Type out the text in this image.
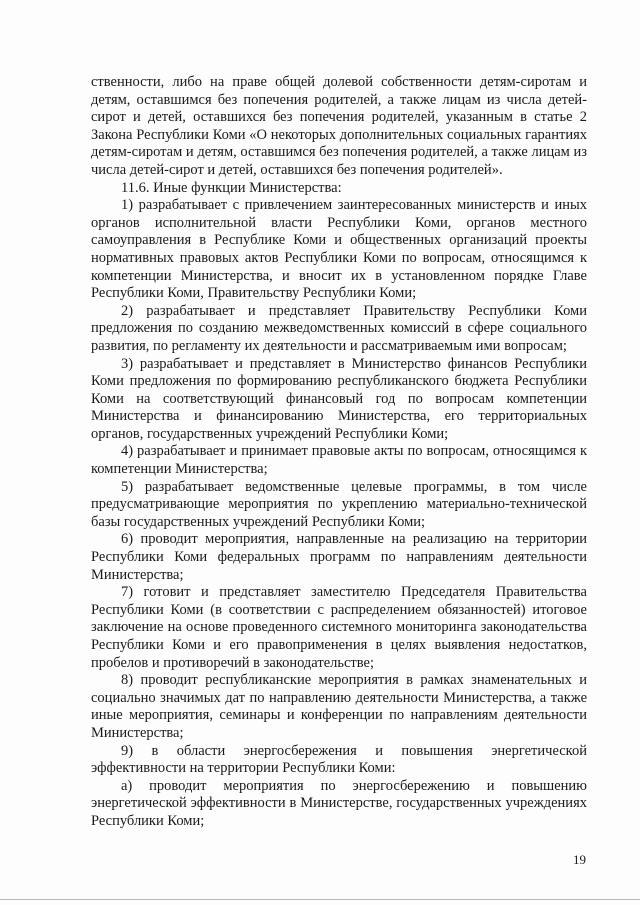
ственности, либо на праве общей долевой собственности детям-сиротам и детям, оставшимся без попечения родителей, а также лицам из числа детей-сирот и детей, оставшихся без попечения родителей, указанным в статье 2 Закона Республики Коми «О некоторых дополнительных социальных гарантиях детям-сиротам и детям, оставшимся без попечения родителей, а также лицам из числа детей-сирот и детей, оставшихся без попечения родителей».

11.6. Иные функции Министерства:

1) разрабатывает с привлечением заинтересованных министерств и иных органов исполнительной власти Республики Коми, органов местного самоуправления в Республике Коми и общественных организаций проекты нормативных правовых актов Республики Коми по вопросам, относящимся к компетенции Министерства, и вносит их в установленном порядке Главе Республики Коми, Правительству Республики Коми;

2) разрабатывает и представляет Правительству Республики Коми предложения по созданию межведомственных комиссий в сфере социального развития, по регламенту их деятельности и рассматриваемым ими вопросам;

3) разрабатывает и представляет в Министерство финансов Республики Коми предложения по формированию республиканского бюджета Республики Коми на соответствующий финансовый год по вопросам компетенции Министерства и финансированию Министерства, его территориальных органов, государственных учреждений Республики Коми;

4) разрабатывает и принимает правовые акты по вопросам, относящимся к компетенции Министерства;

5) разрабатывает ведомственные целевые программы, в том числе предусматривающие мероприятия по укреплению материально-технической базы государственных учреждений Республики Коми;

6) проводит мероприятия, направленные на реализацию на территории Республики Коми федеральных программ по направлениям деятельности Министерства;

7) готовит и представляет заместителю Председателя Правительства Республики Коми (в соответствии с распределением обязанностей) итоговое заключение на основе проведенного системного мониторинга законодательства Республики Коми и его правоприменения в целях выявления недостатков, пробелов и противоречий в законодательстве;

8) проводит республиканские мероприятия в рамках знаменательных и социально значимых дат по направлению деятельности Министерства, а также иные мероприятия, семинары и конференции по направлениям деятельности Министерства;

9) в области энергосбережения и повышения энергетической эффективности на территории Республики Коми:

а) проводит мероприятия по энергосбережению и повышению энергетической эффективности в Министерстве, государственных учреждениях Республики Коми;

19
